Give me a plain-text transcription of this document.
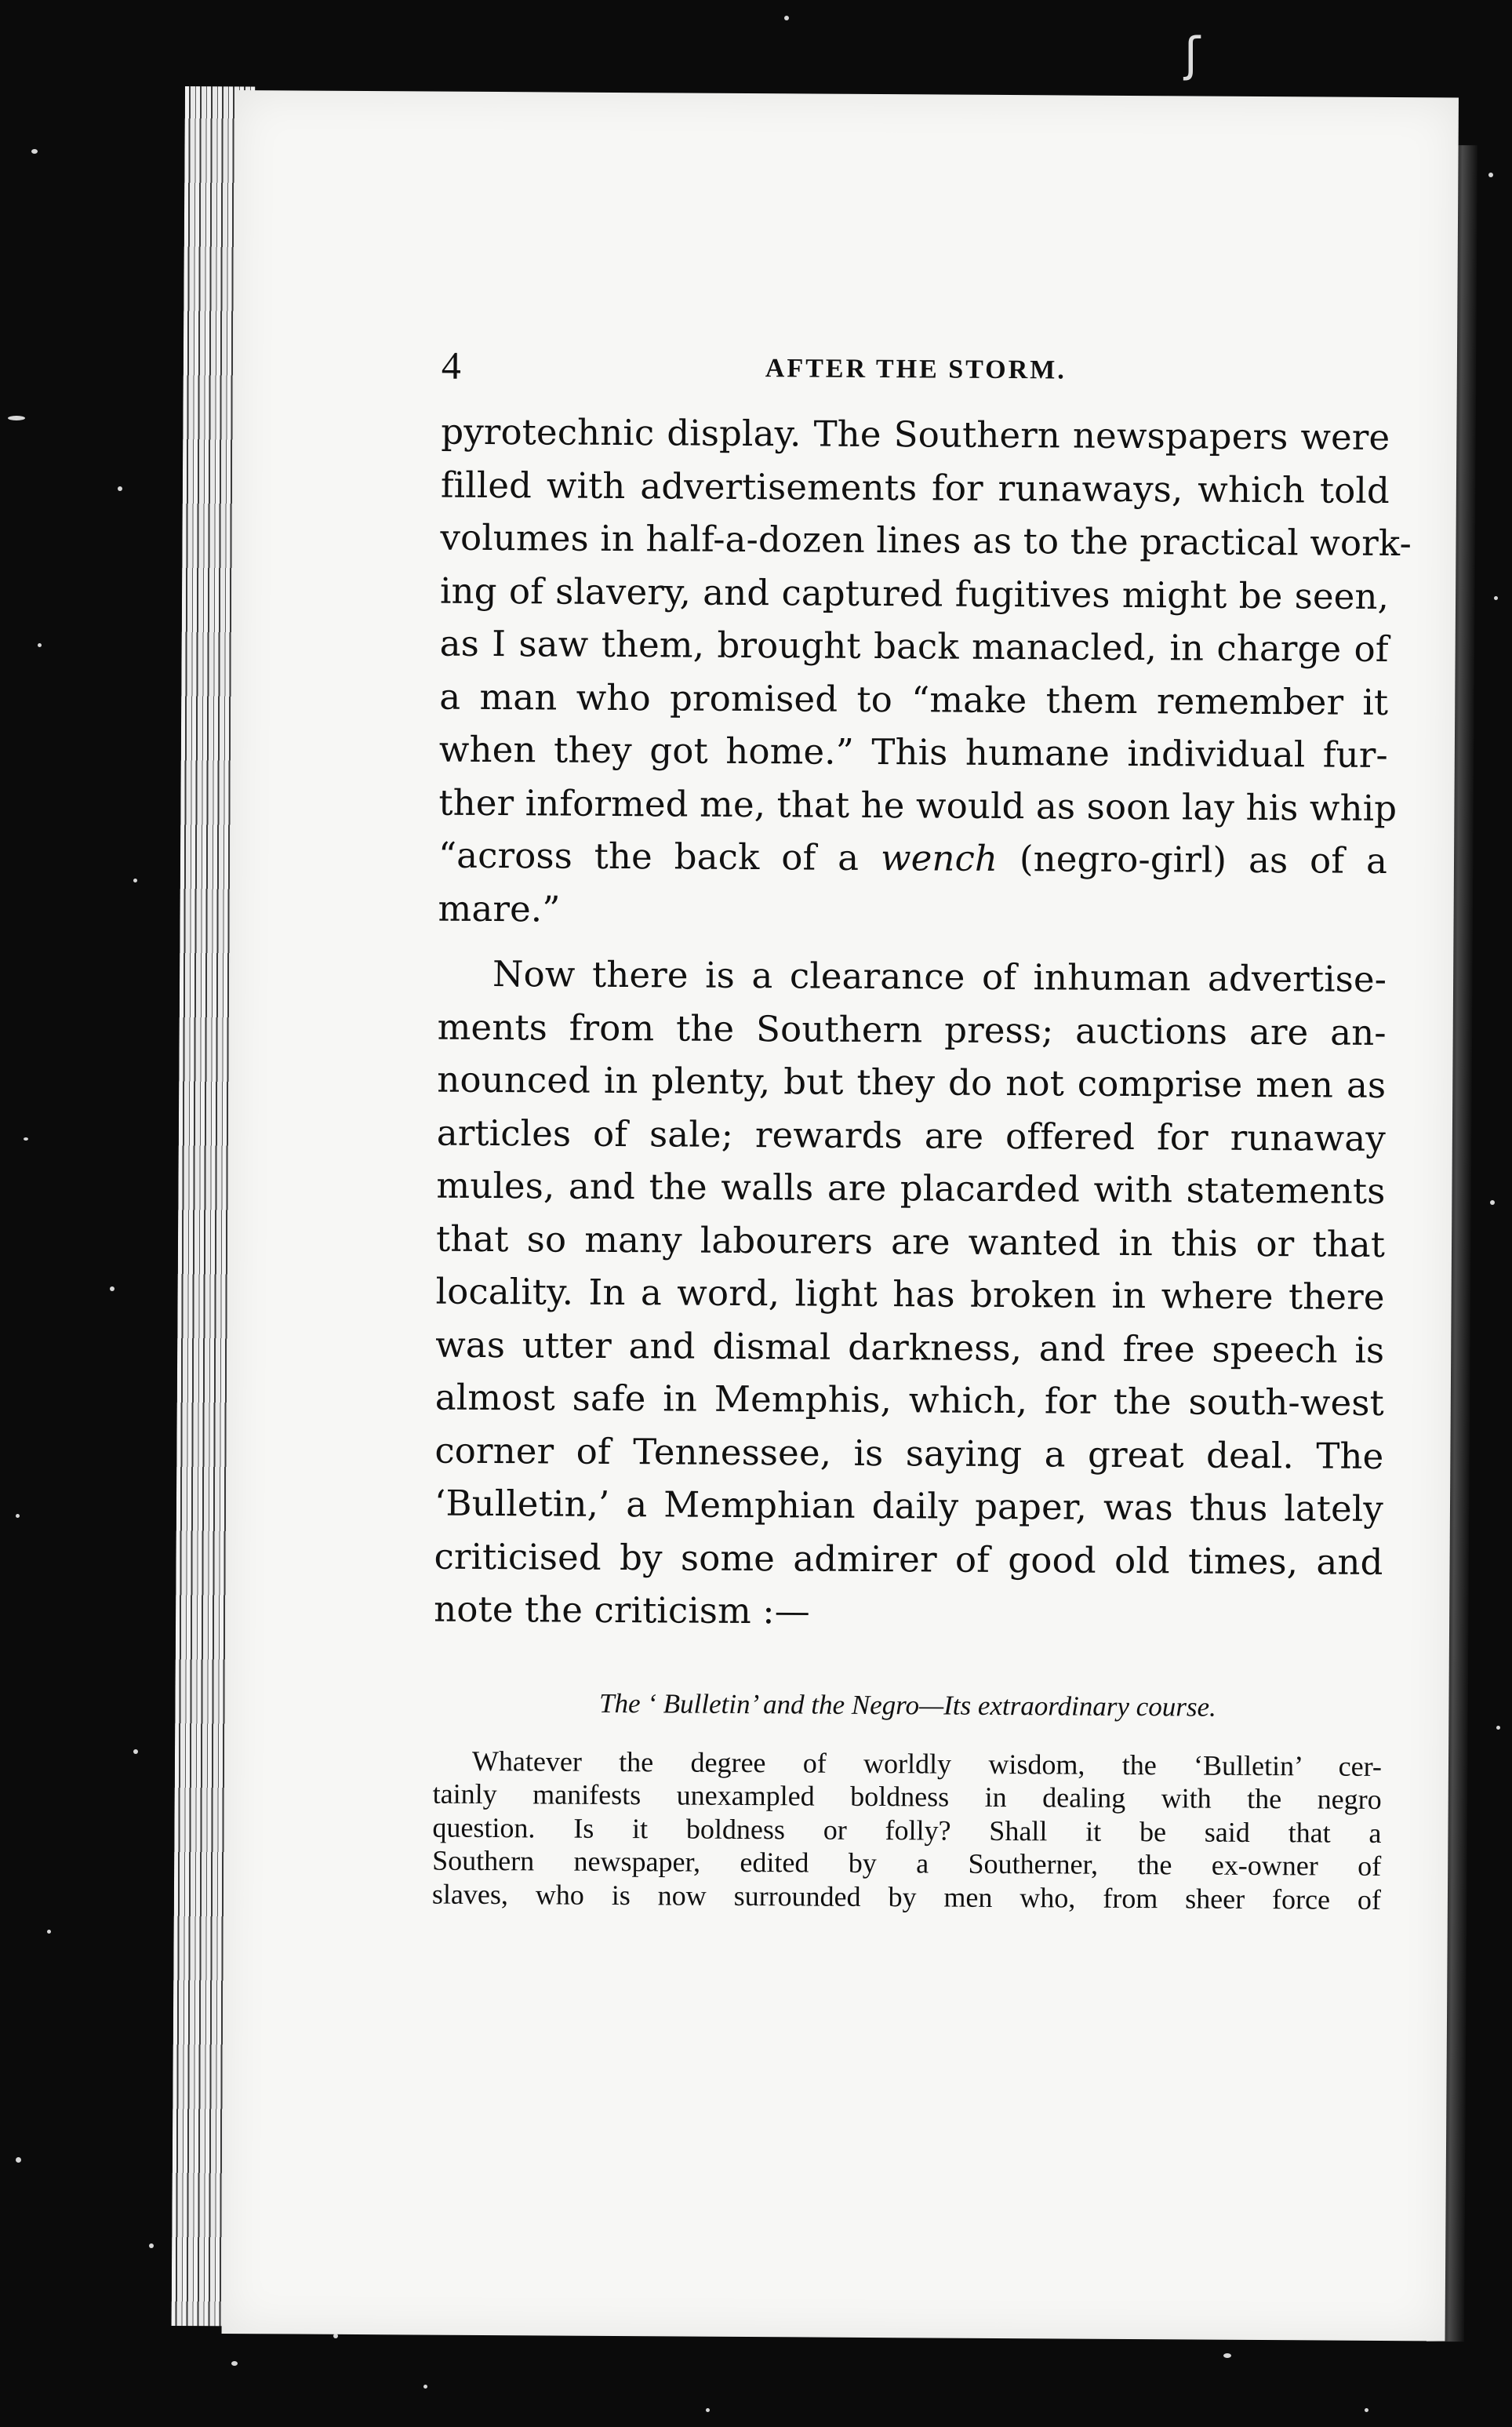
ʃ
4	AFTER THE STORM.
pyrotechnic display. The Southern newspapers were
filled with advertisements for runaways, which told
volumes in half-a-dozen lines as to the practical work-
ing of slavery, and captured fugitives might be seen,
as I saw them, brought back manacled, in charge of
a man who promised to “make them remember it
when they got home.” This humane individual fur-
ther informed me, that he would as soon lay his whip
“across the back of a wench (negro-girl) as of a
mare.”
Now there is a clearance of inhuman advertise-
ments from the Southern press; auctions are an-
nounced in plenty, but they do not comprise men as
articles of sale; rewards are offered for runaway
mules, and the walls are placarded with statements
that so many labourers are wanted in this or that
locality. In a word, light has broken in where there
was utter and dismal darkness, and free speech is
almost safe in Memphis, which, for the south-west
corner of Tennessee, is saying a great deal. The
‘Bulletin,’ a Memphian daily paper, was thus lately
criticised by some admirer of good old times, and
note the criticism :—
The ‘ Bulletin’ and the Negro—Its extraordinary course.
Whatever the degree of worldly wisdom, the ‘Bulletin’ cer-
tainly manifests unexampled boldness in dealing with the negro
question. Is it boldness or folly? Shall it be said that a
Southern newspaper, edited by a Southerner, the ex-owner of
slaves, who is now surrounded by men who, from sheer force of
